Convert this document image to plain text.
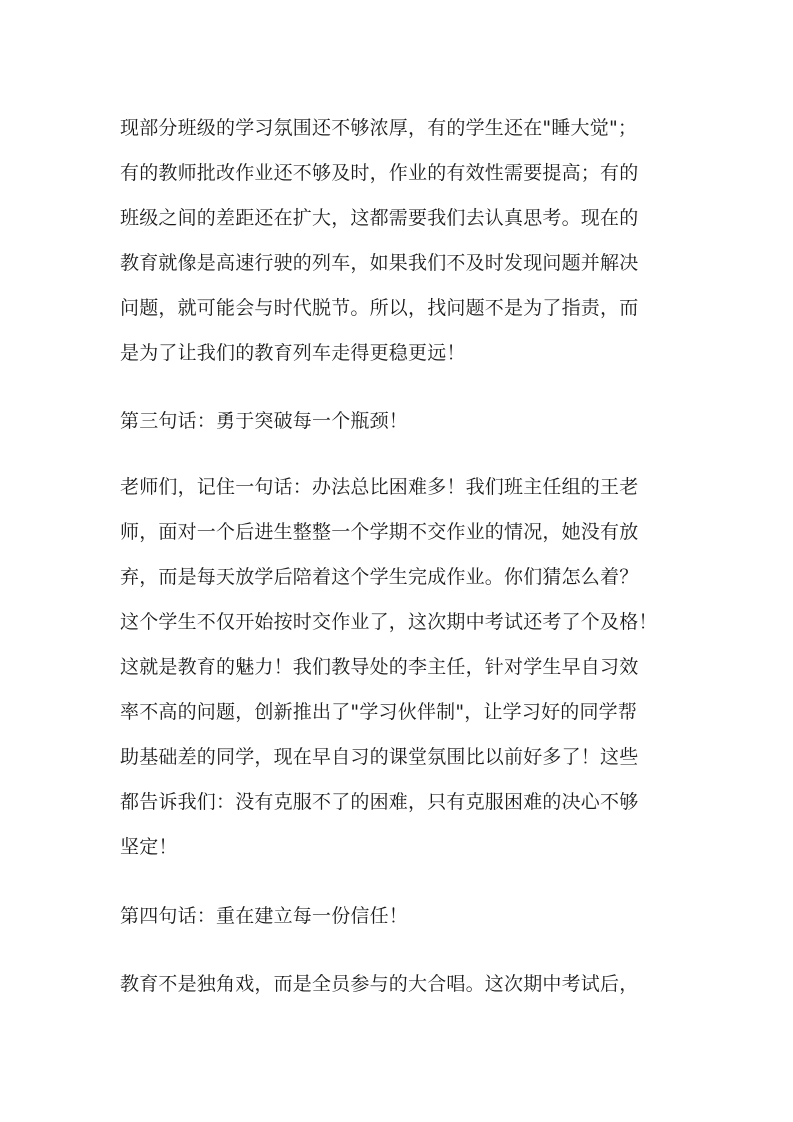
现部分班级的学习氛围还不够浓厚，有的学生还在"睡大觉"；
有的教师批改作业还不够及时，作业的有效性需要提高；有的
班级之间的差距还在扩大，这都需要我们去认真思考。现在的
教育就像是高速行驶的列车，如果我们不及时发现问题并解决
问题，就可能会与时代脱节。所以，找问题不是为了指责，而
是为了让我们的教育列车走得更稳更远！
第三句话：勇于突破每一个瓶颈！
老师们，记住一句话：办法总比困难多！我们班主任组的王老
师，面对一个后进生整整一个学期不交作业的情况，她没有放
弃，而是每天放学后陪着这个学生完成作业。你们猜怎么着？
这个学生不仅开始按时交作业了，这次期中考试还考了个及格！
这就是教育的魅力！我们教导处的李主任，针对学生早自习效
率不高的问题，创新推出了"学习伙伴制"，让学习好的同学帮
助基础差的同学，现在早自习的课堂氛围比以前好多了！这些
都告诉我们：没有克服不了的困难，只有克服困难的决心不够
坚定！
第四句话：重在建立每一份信任！
教育不是独角戏，而是全员参与的大合唱。这次期中考试后，
